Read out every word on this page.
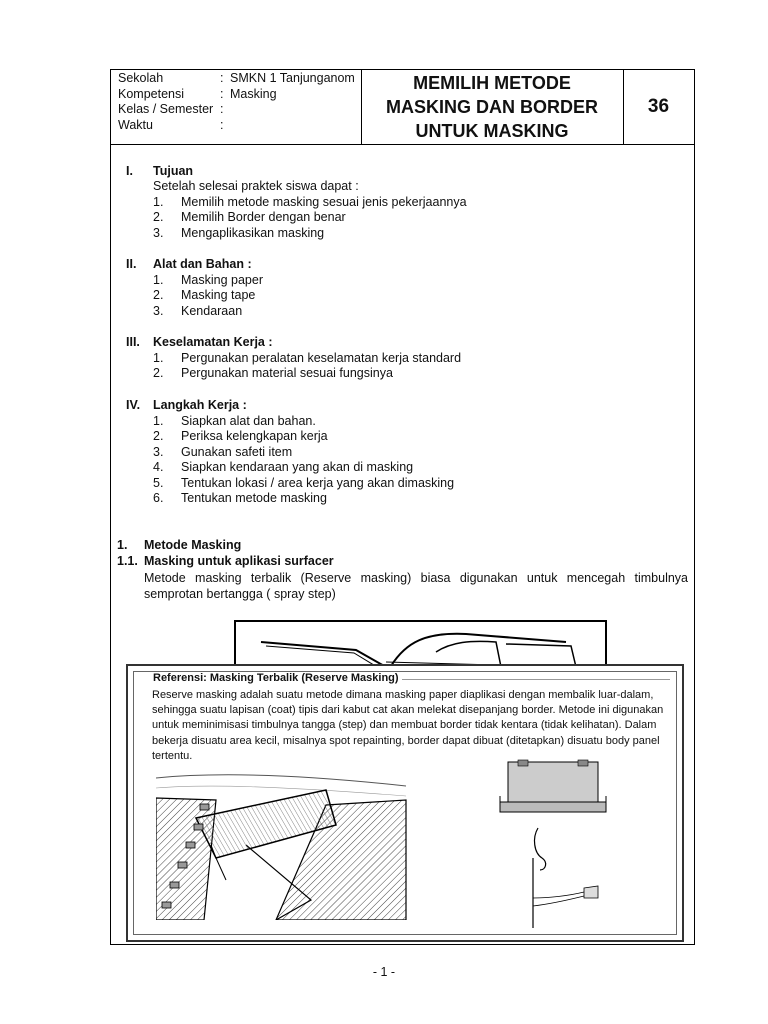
Sekolah	: SMKN 1 Tanjunganom
Kompetensi	: Masking
Kelas / Semester :
Waktu	:
MEMILIH METODE
MASKING DAN BORDER
UNTUK MASKING
36
I. Tujuan
Setelah selesai praktek siswa dapat :
1. Memilih metode masking sesuai jenis pekerjaannya
2. Memilih Border dengan benar
3. Mengaplikasikan masking
II. Alat dan Bahan :
1. Masking paper
2. Masking tape
3. Kendaraan
III. Keselamatan Kerja :
1. Pergunakan peralatan keselamatan kerja standard
2. Pergunakan material sesuai fungsinya
IV. Langkah Kerja :
1. Siapkan alat dan bahan.
2. Periksa kelengkapan kerja
3. Gunakan safeti item
4. Siapkan kendaraan yang akan di masking
5. Tentukan lokasi / area kerja yang akan dimasking
6. Tentukan metode masking
1. Metode Masking
1.1. Masking untuk aplikasi surfacer
Metode masking terbalik (Reserve masking) biasa digunakan untuk mencegah timbulnya semprotan bertangga ( spray step)
Referensi: Masking Terbalik (Reserve Masking)
Reserve masking adalah suatu metode dimana masking paper diaplikasi dengan membalik luar-dalam,
sehingga suatu lapisan (coat) tipis dari kabut cat akan melekat disepanjang border. Metode ini digunakan
untuk meminimisasi timbulnya tangga (step) dan membuat border tidak kentara (tidak kelihatan). Dalam
bekerja disuatu area kecil, misalnya spot repainting, border dapat dibuat (ditetapkan) disuatu body panel
tertentu.
- 1 -
